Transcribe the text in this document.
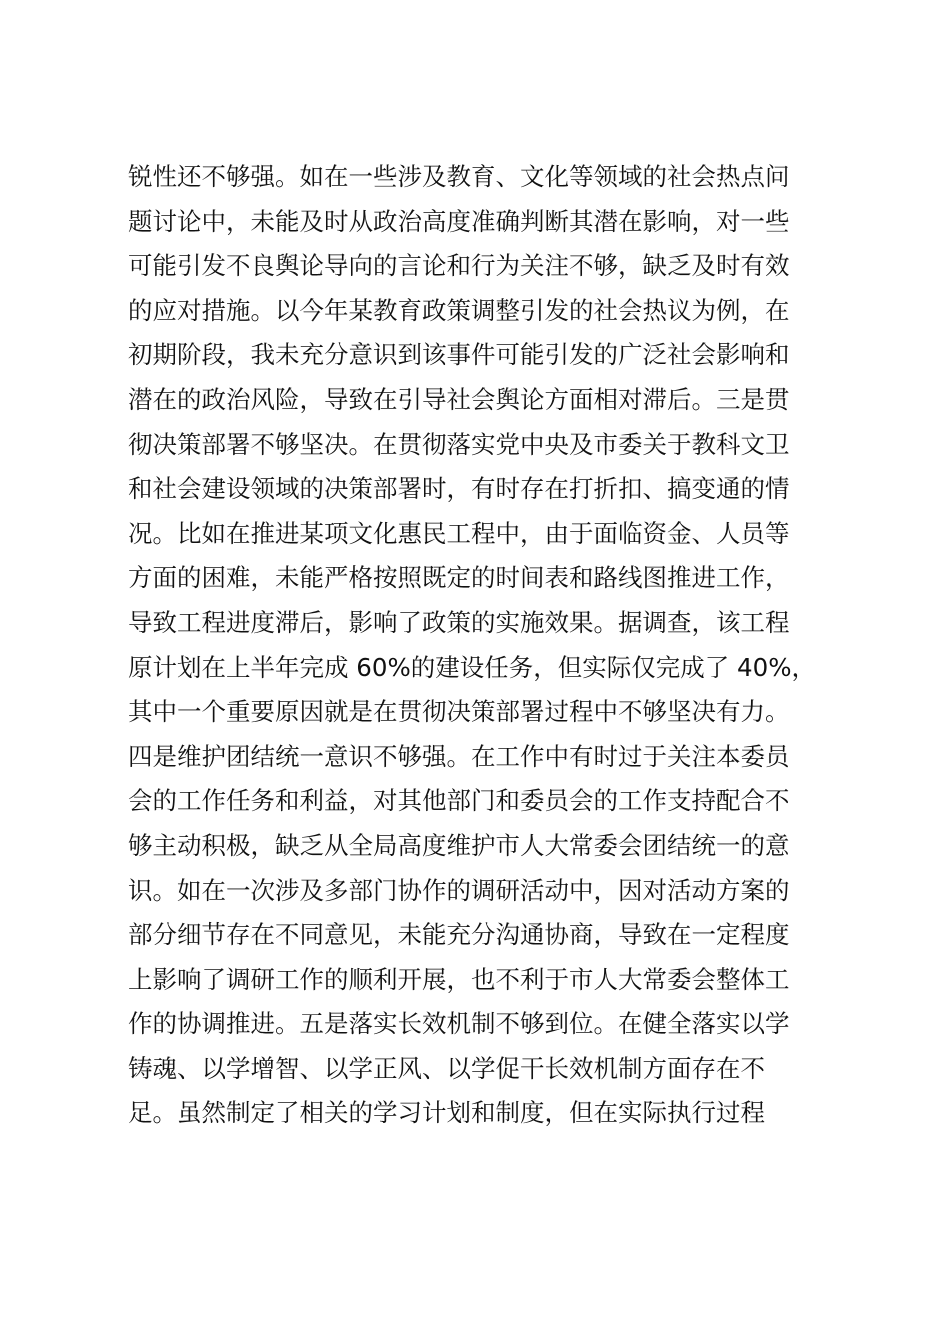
锐性还不够强。如在一些涉及教育、文化等领域的社会热点问
题讨论中，未能及时从政治高度准确判断其潜在影响，对一些
可能引发不良舆论导向的言论和行为关注不够，缺乏及时有效
的应对措施。以今年某教育政策调整引发的社会热议为例，在
初期阶段，我未充分意识到该事件可能引发的广泛社会影响和
潜在的政治风险，导致在引导社会舆论方面相对滞后。三是贯
彻决策部署不够坚决。在贯彻落实党中央及市委关于教科文卫
和社会建设领域的决策部署时，有时存在打折扣、搞变通的情
况。比如在推进某项文化惠民工程中，由于面临资金、人员等
方面的困难，未能严格按照既定的时间表和路线图推进工作，
导致工程进度滞后，影响了政策的实施效果。据调查，该工程
原计划在上半年完成 60%的建设任务，但实际仅完成了 40%，
其中一个重要原因就是在贯彻决策部署过程中不够坚决有力。
四是维护团结统一意识不够强。在工作中有时过于关注本委员
会的工作任务和利益，对其他部门和委员会的工作支持配合不
够主动积极，缺乏从全局高度维护市人大常委会团结统一的意
识。如在一次涉及多部门协作的调研活动中，因对活动方案的
部分细节存在不同意见，未能充分沟通协商，导致在一定程度
上影响了调研工作的顺利开展，也不利于市人大常委会整体工
作的协调推进。五是落实长效机制不够到位。在健全落实以学
铸魂、以学增智、以学正风、以学促干长效机制方面存在不
足。虽然制定了相关的学习计划和制度，但在实际执行过程
